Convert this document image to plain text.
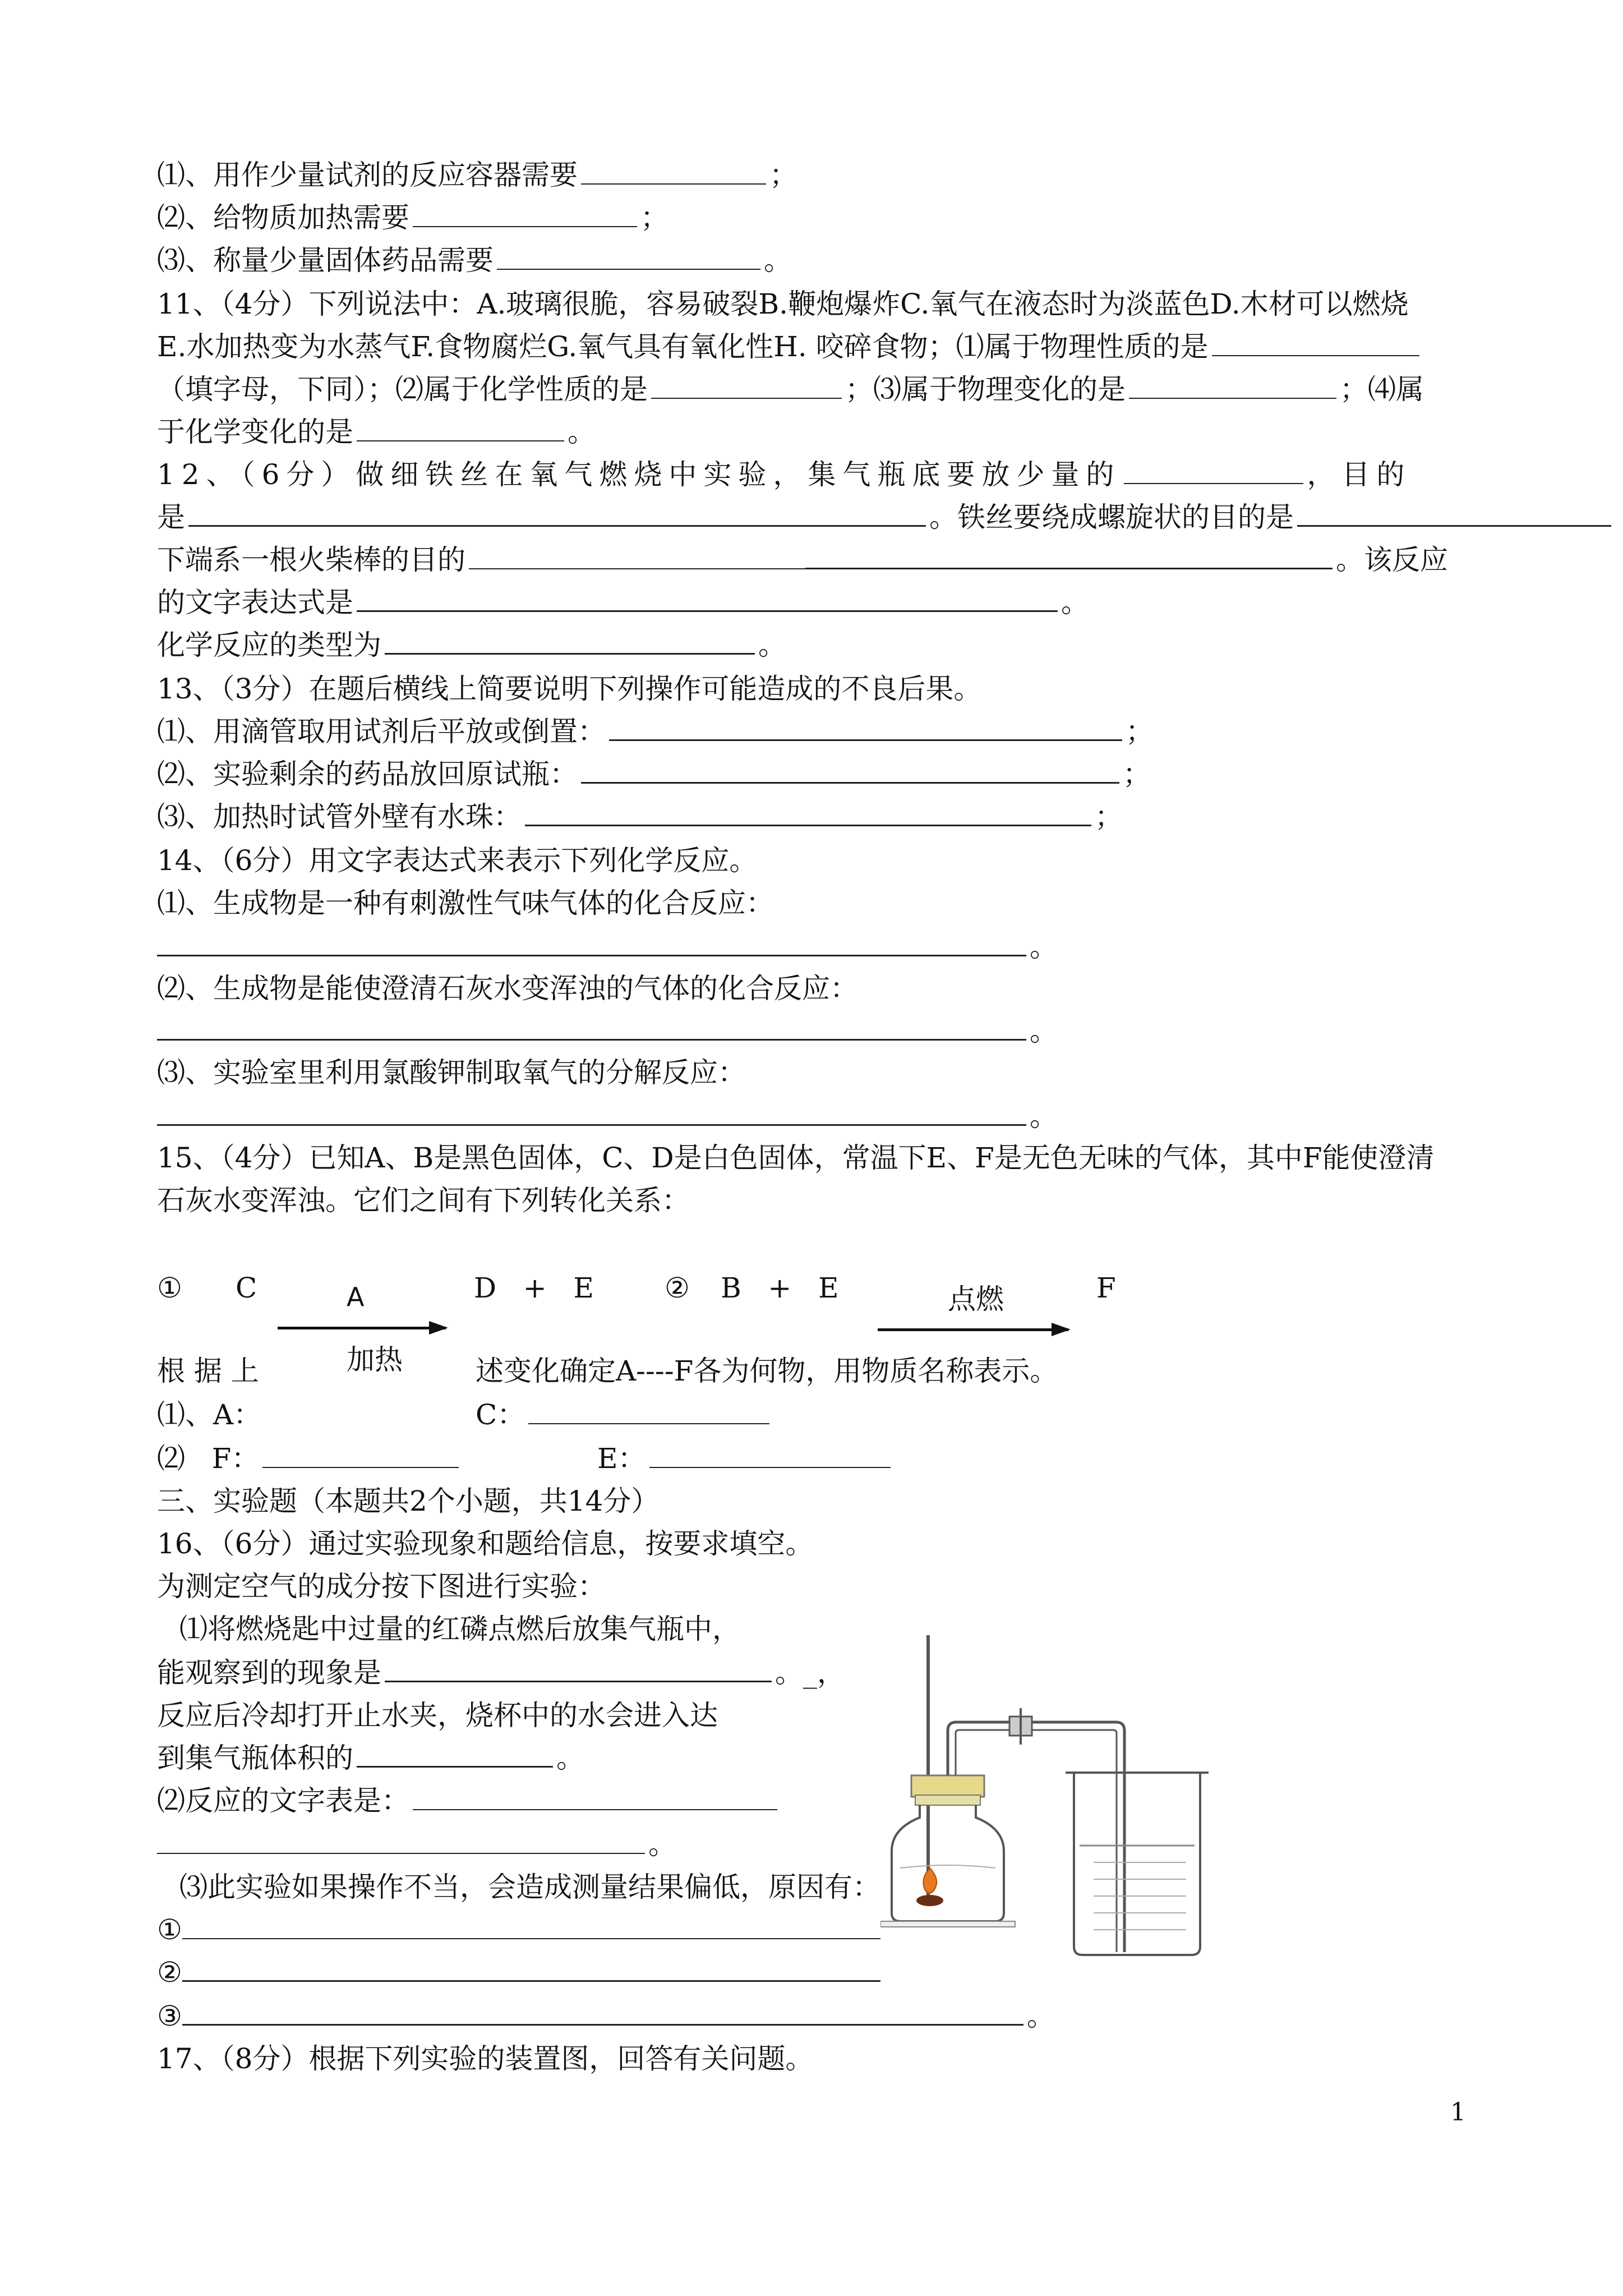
⑴、用作少量试剂的反应容器需要	；
⑵、给物质加热需要	；
⑶、称量少量固体药品需要	。
11、（4分）下列说法中：A.玻璃很脆，容易破裂B.鞭炮爆炸C.氧气在液态时为淡蓝色D.木材可以燃烧
E.水加热变为水蒸气F.食物腐烂G.氧气具有氧化性H. 咬碎食物；⑴属于物理性质的是
（填字母，下同）；⑵属于化学性质的是	；⑶属于物理变化的是	；⑷属
于化学变化的是	。
12、（6分）做细铁丝在氧气燃烧中实验，集气瓶底要放少量的	，目的
是	。铁丝要绕成螺旋状的目的是
下端系一根火柴棒的目的	。该反应
的文字表达式是	。
化学反应的类型为	。
13、（3分）在题后横线上简要说明下列操作可能造成的不良后果。
⑴、用滴管取用试剂后平放或倒置：	；
⑵、实验剩余的药品放回原试瓶：	；
⑶、加热时试管外壁有水珠：	；
14、（6分）用文字表达式来表示下列化学反应。
⑴、生成物是一种有刺激性气味气体的化合反应：
。
⑵、生成物是能使澄清石灰水变浑浊的气体的化合反应：
。
⑶、实验室里利用氯酸钾制取氧气的分解反应：
。
15、（4分）已知A、B是黑色固体，C、D是白色固体，常温下E、F是无色无味的气体，其中F能使澄清
石灰水变浑浊。它们之间有下列转化关系：
① C	A
加热
D   +   E	② B   +   E	点燃	F
根 据 上	述变化确定A----F各为何物，用物质名称表示。
⑴、A：	C：
⑵   F：	E：
三、实验题（本题共2个小题，共14分）
16、（6分）通过实验现象和题给信息，按要求填空。
为测定空气的成分按下图进行实验：
⑴将燃烧匙中过量的红磷点燃后放集气瓶中，
能观察到的现象是	。_，
反应后冷却打开止水夹，烧杯中的水会进入达
到集气瓶体积的	。
⑵反应的文字表是：
。
⑶此实验如果操作不当，会造成测量结果偏低，原因有：
①
②
③	。
17、（8分）根据下列实验的装置图，回答有关问题。
1
